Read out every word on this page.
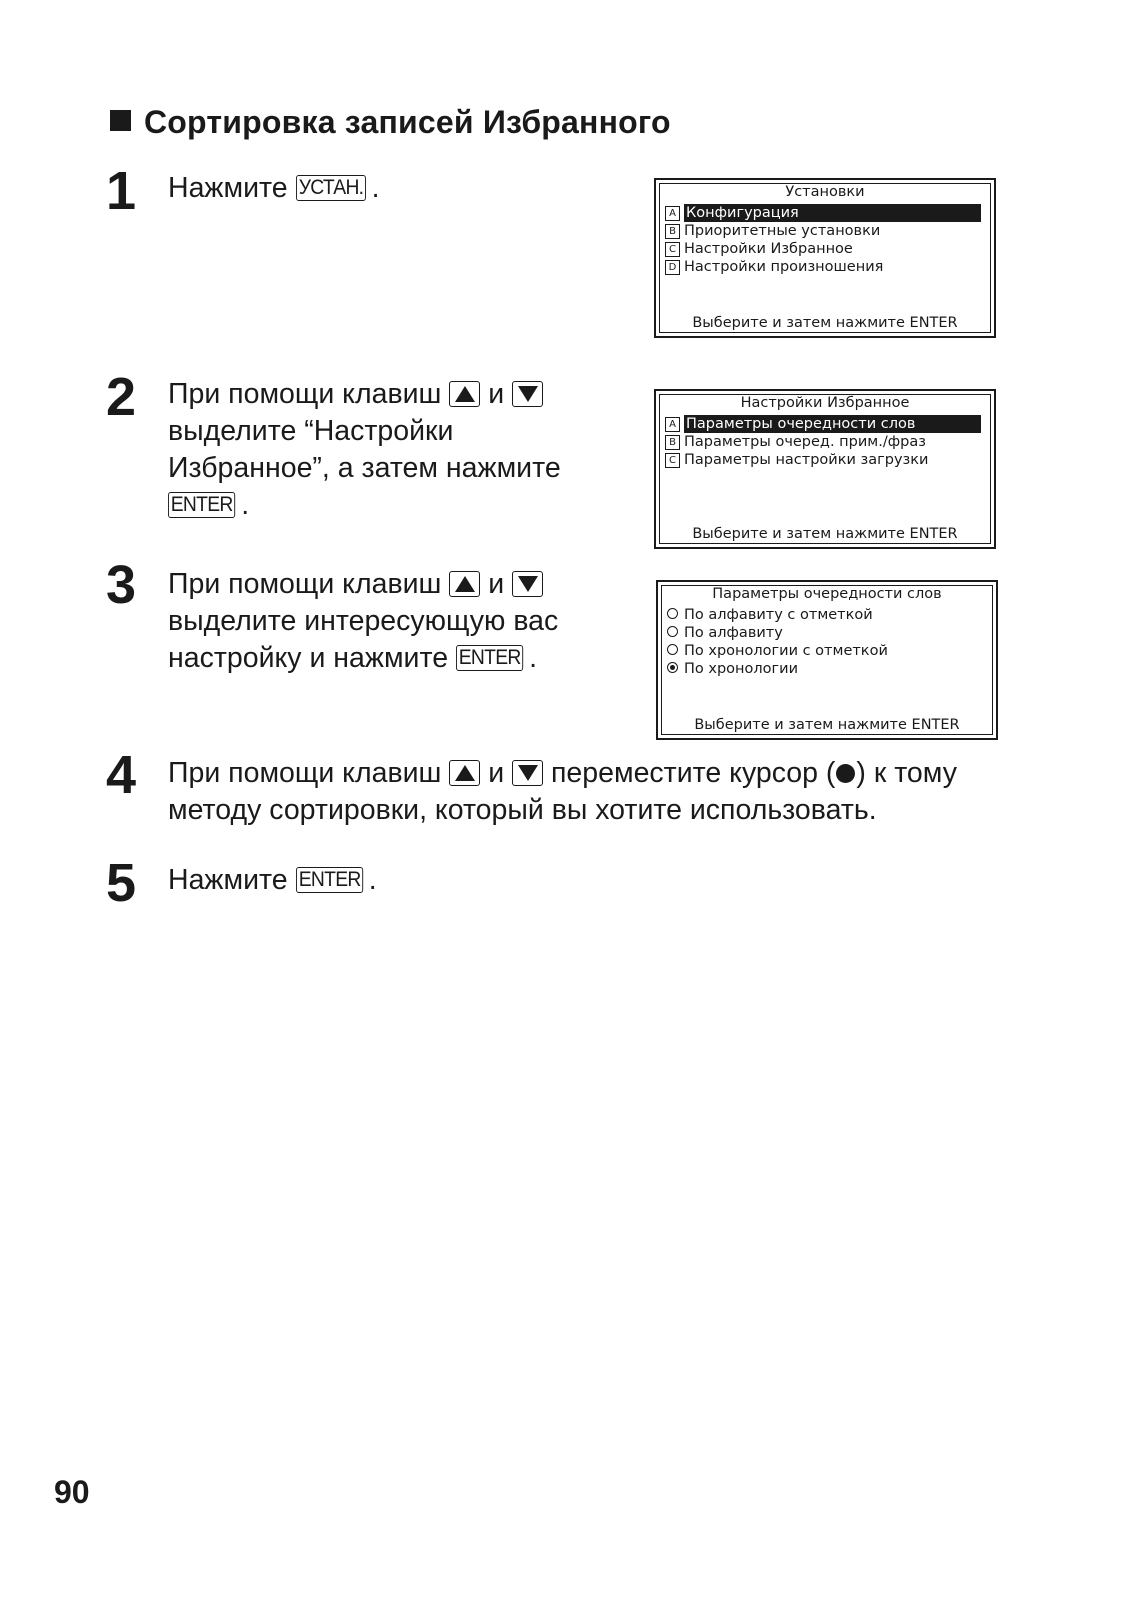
Сортировка записей Избранного
1 Нажмите УСТАН. .
2 При помощи клавиш  и
выделите “Настройки
Избранное”, а затем нажмите
ENTER .
3 При помощи клавиш  и
выделите интересующую вас
настройку и нажмите ENTER .
4 При помощи клавиш  и  переместите курсор ( ) к тому
методу сортировки, который вы хотите использовать.
5 Нажмите ENTER .
Установки
A Конфигурация
B Приоритетные установки
C Настройки Избранное
D Настройки произношения
Выберите и затем нажмите ENTER
Настройки Избранное
A Параметры очередности слов
B Параметры очеред. прим./фраз
C Параметры настройки загрузки
Выберите и затем нажмите ENTER
Параметры очередности слов
По алфавиту с отметкой
По алфавиту
По хронологии с отметкой
По хронологии
Выберите и затем нажмите ENTER
90
